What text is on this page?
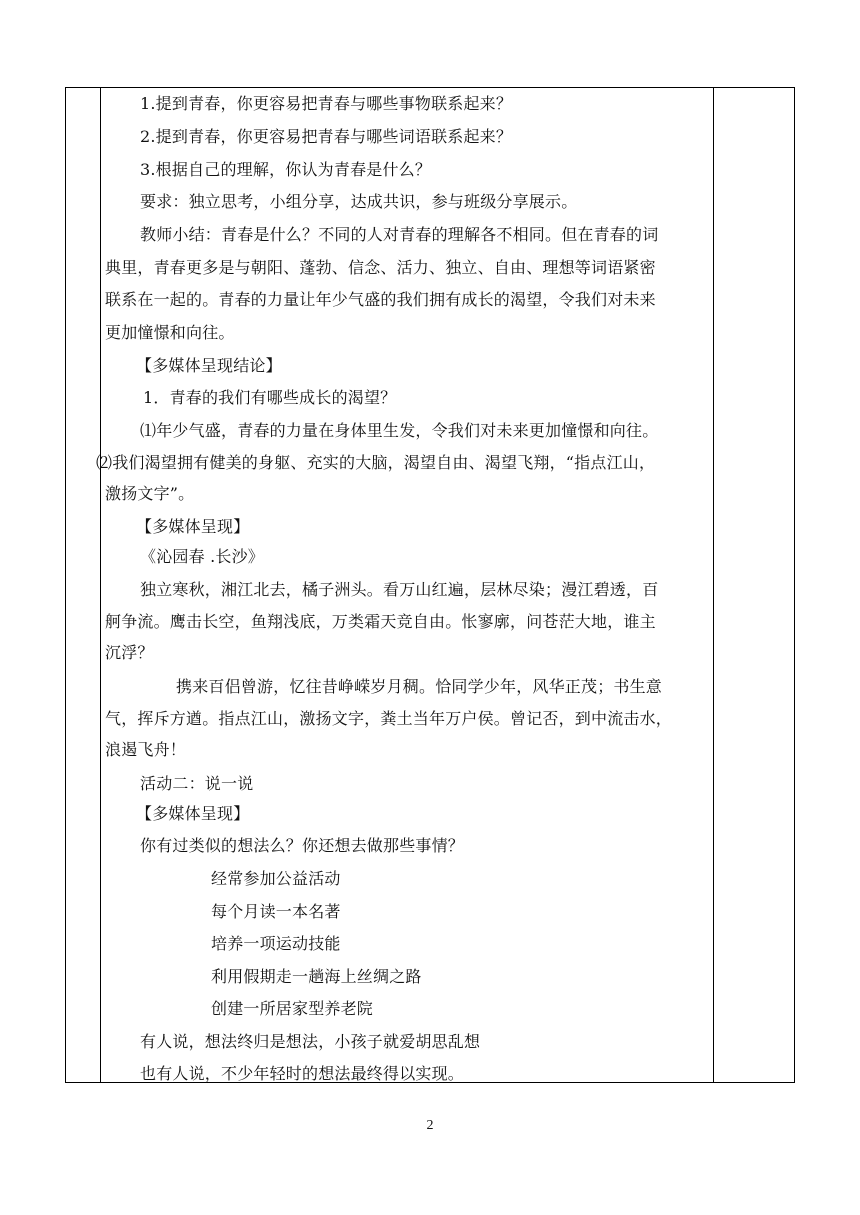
1.提到青春，你更容易把青春与哪些事物联系起来？
2.提到青春，你更容易把青春与哪些词语联系起来？
3.根据自己的理解，你认为青春是什么？
要求：独立思考，小组分享，达成共识，参与班级分享展示。
教师小结：青春是什么？不同的人对青春的理解各不相同。但在青春的词
典里，青春更多是与朝阳、蓬勃、信念、活力、独立、自由、理想等词语紧密
联系在一起的。青春的力量让年少气盛的我们拥有成长的渴望，令我们对未来
更加憧憬和向往。
【多媒体呈现结论】
1．青春的我们有哪些成长的渴望？
⑴年少气盛，青春的力量在身体里生发，令我们对未来更加憧憬和向往。
⑵我们渴望拥有健美的身躯、充实的大脑，渴望自由、渴望飞翔，“指点江山，
激扬文字”。
【多媒体呈现】
《沁园春 .长沙》
独立寒秋，湘江北去，橘子洲头。看万山红遍，层林尽染；漫江碧透，百
舸争流。鹰击长空，鱼翔浅底，万类霜天竞自由。怅寥廓，问苍茫大地，谁主
沉浮？
携来百侣曾游，忆往昔峥嵘岁月稠。恰同学少年，风华正茂；书生意
气，挥斥方遒。指点江山，激扬文字，粪土当年万户侯。曾记否，到中流击水，
浪遏飞舟！
活动二：说一说
【多媒体呈现】
你有过类似的想法么？你还想去做那些事情？
经常参加公益活动
每个月读一本名著
培养一项运动技能
利用假期走一趟海上丝绸之路
创建一所居家型养老院
有人说，想法终归是想法，小孩子就爱胡思乱想
也有人说，不少年轻时的想法最终得以实现。
2
